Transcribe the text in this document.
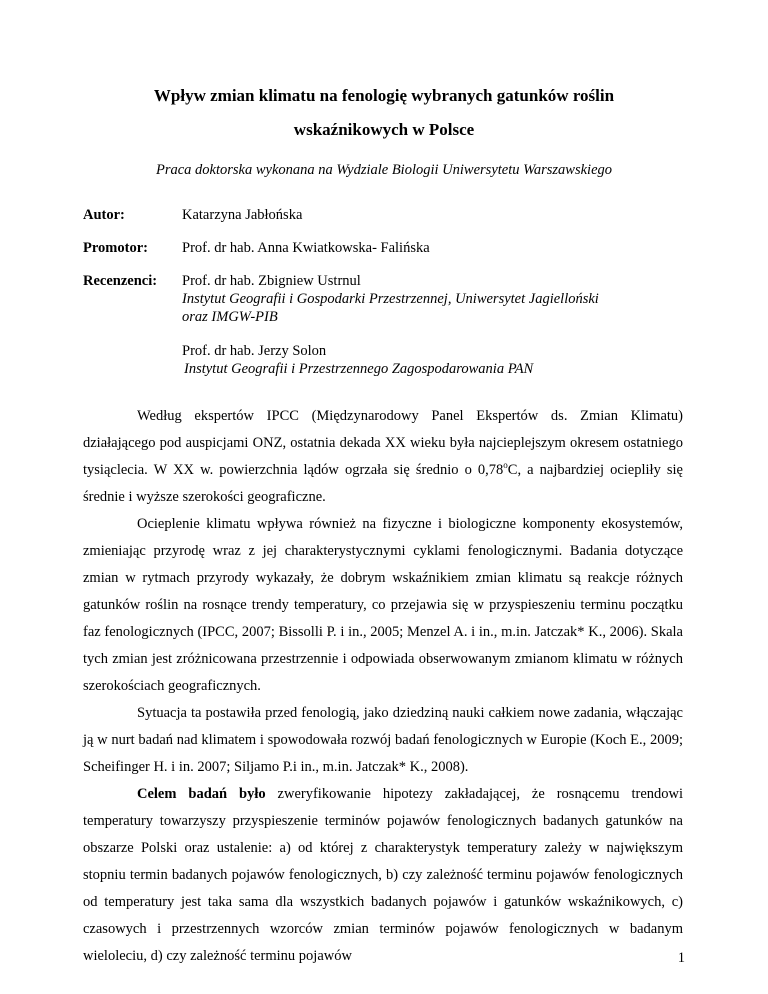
Wpływ zmian klimatu na fenologię wybranych gatunków roślin
wskaźnikowych w Polsce
Praca doktorska wykonana na Wydziale Biologii Uniwersytetu Warszawskiego
Autor:	Katarzyna Jabłońska
Promotor: Prof. dr hab. Anna Kwiatkowska- Falińska
Recenzenci: Prof. dr hab. Zbigniew Ustrnul
Instytut Geografii i Gospodarki Przestrzennej, Uniwersytet Jagielloński
oraz IMGW-PIB
Prof. dr hab. Jerzy Solon
Instytut Geografii i Przestrzennego Zagospodarowania PAN

Według ekspertów IPCC (Międzynarodowy Panel Ekspertów ds. Zmian Klimatu) działającego pod auspicjami ONZ, ostatnia dekada XX wieku była najcieplejszym okresem ostatniego tysiąclecia. W XX w. powierzchnia lądów ogrzała się średnio o 0,78$^o$C, a najbardziej ociepliły się średnie i wyższe szerokości geograficzne.

Ocieplenie klimatu wpływa również na fizyczne i biologiczne komponenty ekosystemów, zmieniając przyrodę wraz z jej charakterystycznymi cyklami fenologicznymi. Badania dotyczące zmian w rytmach przyrody wykazały, że dobrym wskaźnikiem zmian klimatu są reakcje różnych gatunków roślin na rosnące trendy temperatury, co przejawia się w przyspieszeniu terminu początku faz fenologicznych (IPCC, 2007; Bissolli P. i in., 2005; Menzel A. i in., m.in. Jatczak* K., 2006). Skala tych zmian jest zróżnicowana przestrzennie i odpowiada obserwowanym zmianom klimatu w różnych szerokościach geograficznych.

Sytuacja ta postawiła przed fenologią, jako dziedziną nauki całkiem nowe zadania, włączając ją w nurt badań nad klimatem i spowodowała rozwój badań fenologicznych w Europie (Koch E., 2009; Scheifinger H. i in. 2007; Siljamo P.i in., m.in. Jatczak* K., 2008).

Celem badań było zweryfikowanie hipotezy zakładającej, że rosnącemu trendowi temperatury towarzyszy przyspieszenie terminów pojawów fenologicznych badanych gatunków na obszarze Polski oraz ustalenie: a) od której z charakterystyk temperatury zależy w największym stopniu termin badanych pojawów fenologicznych, b) czy zależność terminu pojawów fenologicznych od temperatury jest taka sama dla wszystkich badanych pojawów i gatunków wskaźnikowych, c) czasowych i przestrzennych wzorców zmian terminów pojawów fenologicznych w badanym wieloleciu, d) czy zależność terminu pojawów	1
